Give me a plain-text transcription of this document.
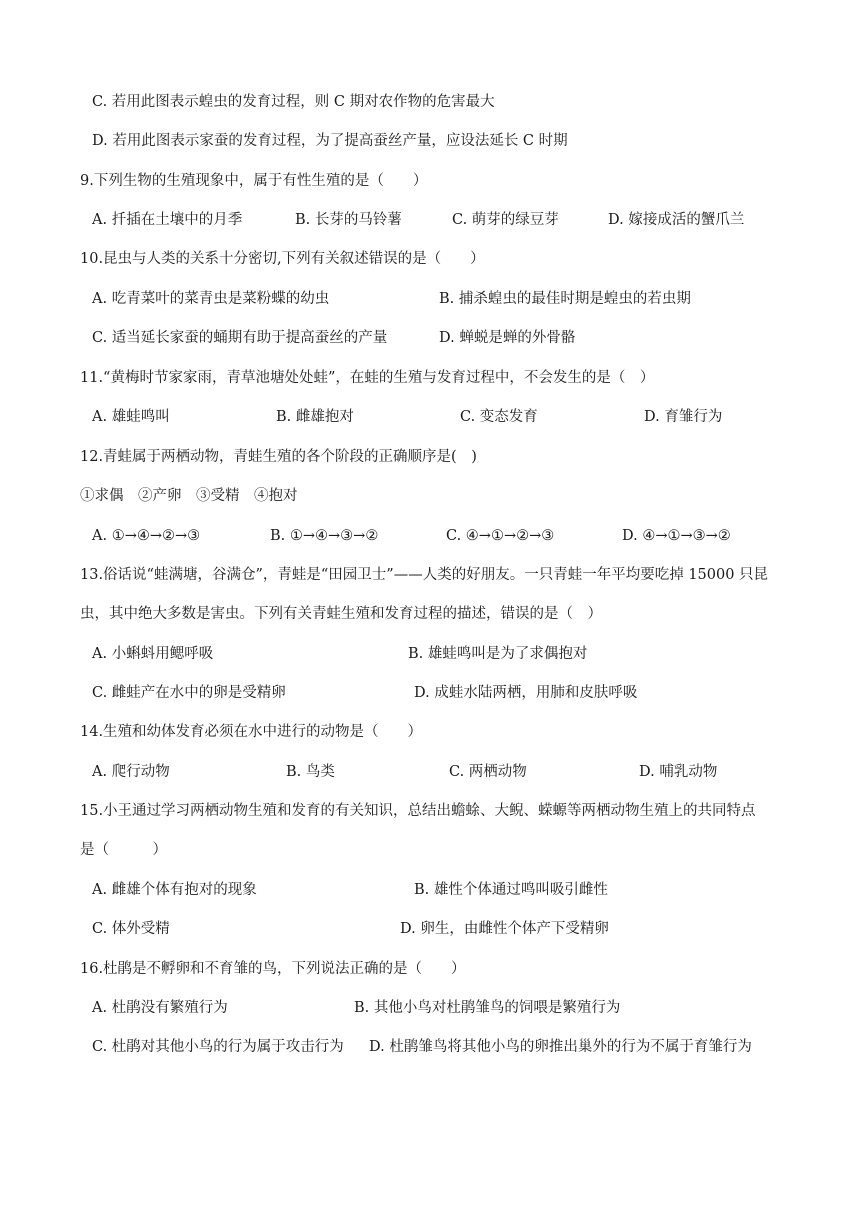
C. 若用此图表示蝗虫的发育过程，则 C 期对农作物的危害最大
D. 若用此图表示家蚕的发育过程，为了提高蚕丝产量，应设法延长 C 时期
9.下列生物的生殖现象中，属于有性生殖的是（　　）
A. 扦插在土壤中的月季	B. 长芽的马铃薯	C. 萌芽的绿豆芽	D. 嫁接成活的蟹爪兰
10.昆虫与人类的关系十分密切,下列有关叙述错误的是（　　）
A. 吃青菜叶的菜青虫是菜粉蝶的幼虫	B. 捕杀蝗虫的最佳时期是蝗虫的若虫期
C. 适当延长家蚕的蛹期有助于提高蚕丝的产量	D. 蝉蜕是蝉的外骨骼
11.“黄梅时节家家雨，青草池塘处处蛙”，在蛙的生殖与发育过程中，不会发生的是（　）
A. 雄蛙鸣叫	B. 雌雄抱对	C. 变态发育	D. 育雏行为
12.青蛙属于两栖动物，青蛙生殖的各个阶段的正确顺序是(　)
①求偶　②产卵　③受精　④抱对
A. ①→④→②→③	B. ①→④→③→②	C. ④→①→②→③	D. ④→①→③→②
13.俗话说“蛙满塘，谷满仓”，青蛙是“田园卫士”——人类的好朋友。一只青蛙一年平均要吃掉 15000 只昆
虫，其中绝大多数是害虫。下列有关青蛙生殖和发育过程的描述，错误的是（　）
A. 小蝌蚪用鳃呼吸	B. 雄蛙鸣叫是为了求偶抱对
C. 雌蛙产在水中的卵是受精卵	D. 成蛙水陆两栖，用肺和皮肤呼吸
14.生殖和幼体发育必须在水中进行的动物是（　　）
A. 爬行动物	B. 鸟类	C. 两栖动物	D. 哺乳动物
15.小王通过学习两栖动物生殖和发育的有关知识，总结出蟾蜍、大鲵、蝾螈等两栖动物生殖上的共同特点
是（　　　）
A. 雌雄个体有抱对的现象	B. 雄性个体通过鸣叫吸引雌性
C. 体外受精	D. 卵生，由雌性个体产下受精卵
16.杜鹃是不孵卵和不育雏的鸟，下列说法正确的是（　　）
A. 杜鹃没有繁殖行为	B. 其他小鸟对杜鹃雏鸟的饲喂是繁殖行为
C. 杜鹃对其他小鸟的行为属于攻击行为 D. 杜鹃雏鸟将其他小鸟的卵推出巢外的行为不属于育雏行为
